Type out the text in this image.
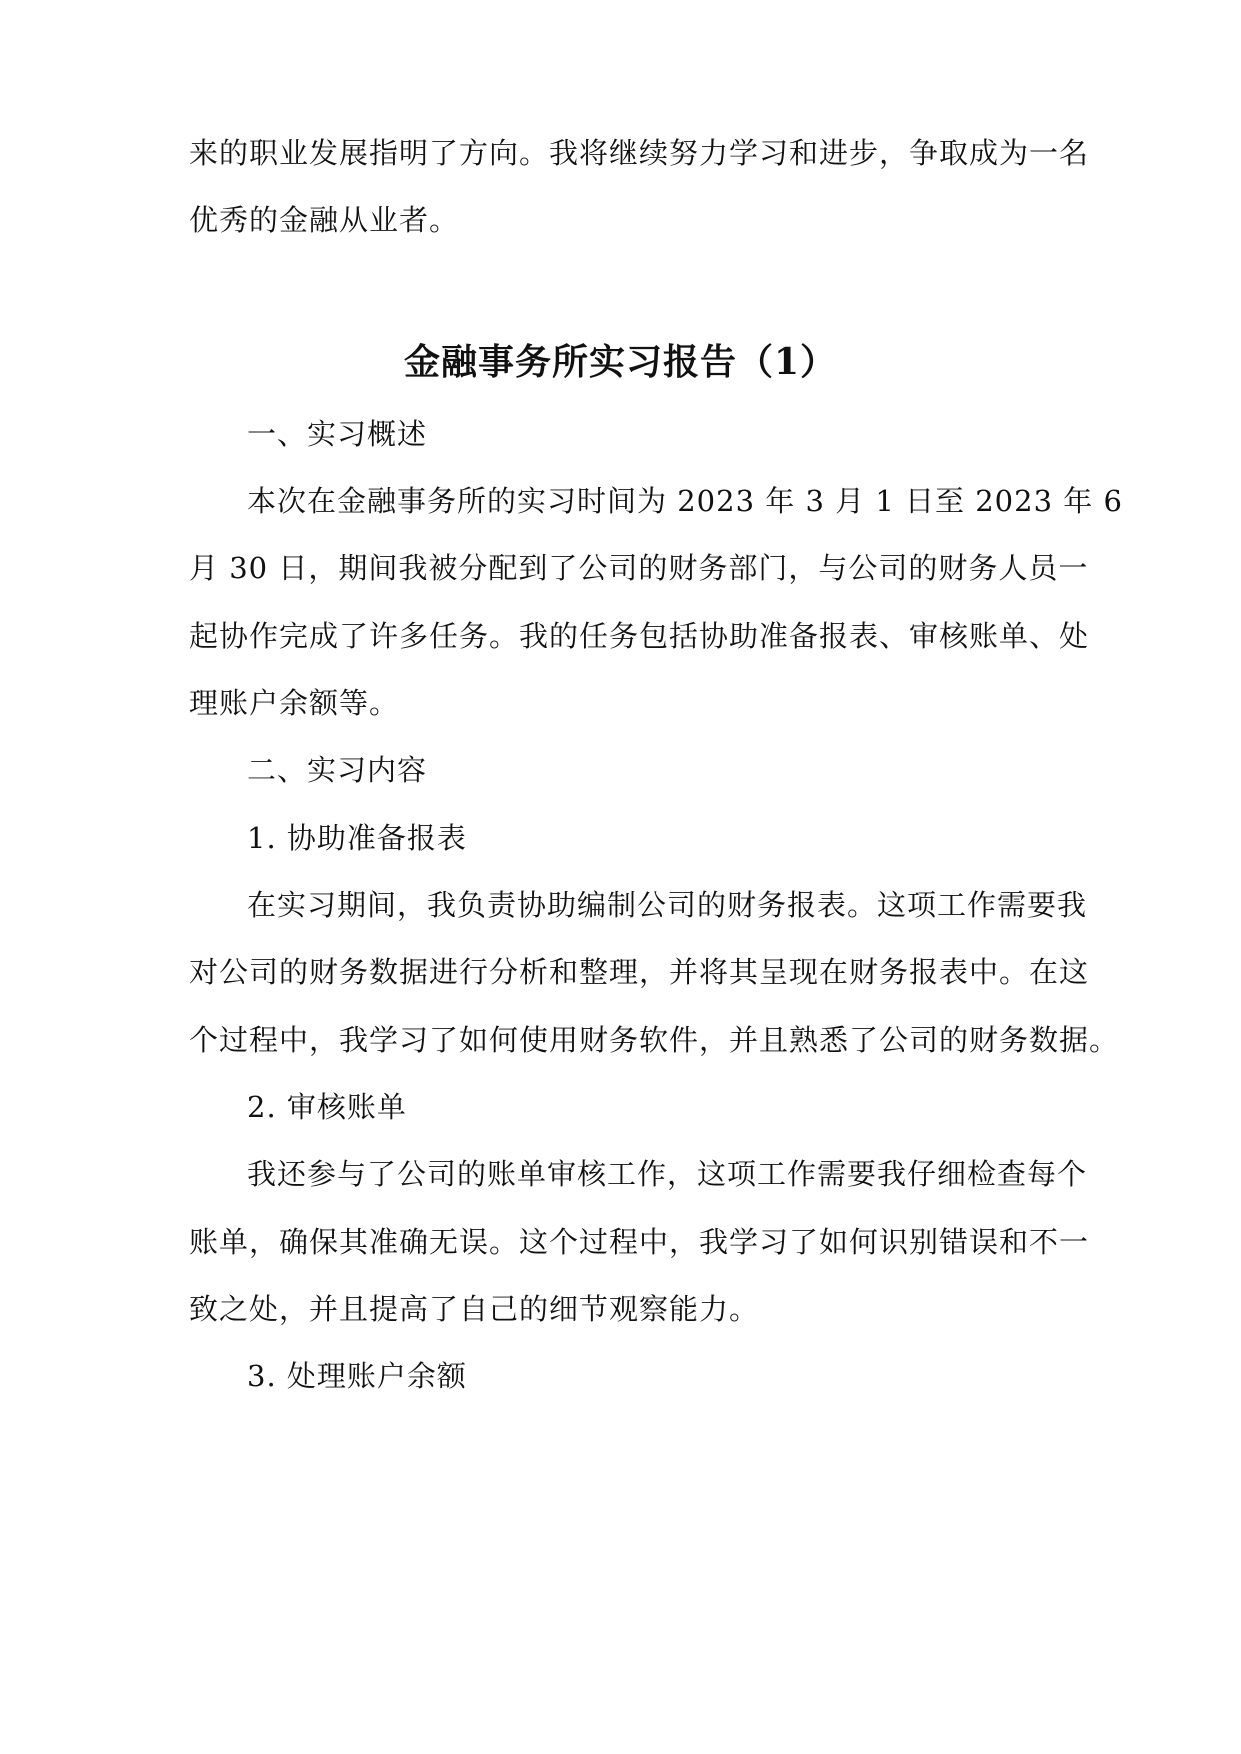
来的职业发展指明了方向。我将继续努力学习和进步，争取成为一名
优秀的金融从业者。
金融事务所实习报告（1）
一、实习概述
本次在金融事务所的实习时间为 2023 年 3 月 1 日至 2023 年 6
月 30 日，期间我被分配到了公司的财务部门，与公司的财务人员一
起协作完成了许多任务。我的任务包括协助准备报表、审核账单、处
理账户余额等。
二、实习内容
1. 协助准备报表
在实习期间，我负责协助编制公司的财务报表。这项工作需要我
对公司的财务数据进行分析和整理，并将其呈现在财务报表中。在这
个过程中，我学习了如何使用财务软件，并且熟悉了公司的财务数据。
2. 审核账单
我还参与了公司的账单审核工作，这项工作需要我仔细检查每个
账单，确保其准确无误。这个过程中，我学习了如何识别错误和不一
致之处，并且提高了自己的细节观察能力。
3. 处理账户余额
